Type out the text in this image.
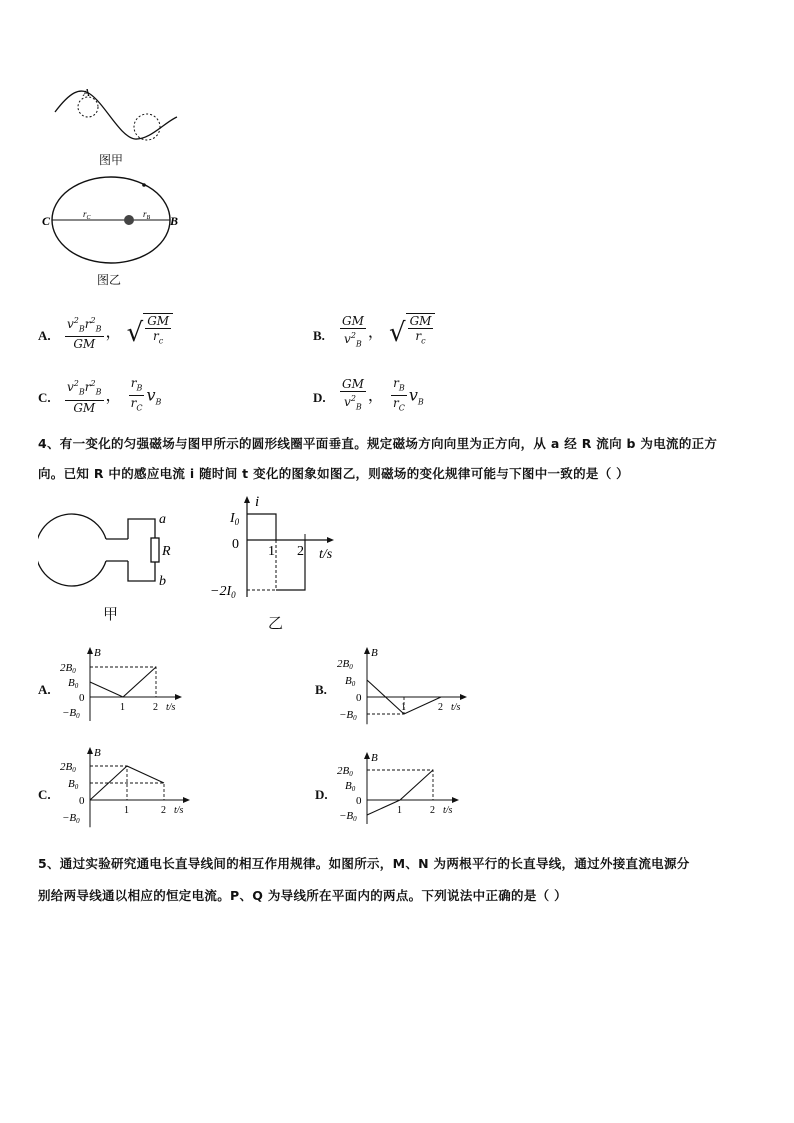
A
图甲
C	B
$r_C$	$r_B$
图乙
A. $\frac{v^2_Br^2_B}{GM}$ ， √ $\frac{GM}{r_c}$	B. $\frac{GM}{v^2_B}$ ， √ $\frac{GM}{r_c}$
C. $\frac{v^2_Br^2_B}{GM}$ ， $\frac{r_B}{r_C} v_B$	D. $\frac{GM}{v^2_B}$ ， $\frac{r_B}{r_C} v_B$
4、有一变化的匀强磁场与图甲所示的圆形线圈平面垂直。规定磁场方向向里为正方向，从 a 经 R 流向 b 为电流的正方
向。已知 R 中的感应电流 i 随时间 t 变化的图象如图乙，则磁场的变化规律可能与下图中一致的是（ ）
a
R
b
甲
i
$I_0$
0 1 2 t/s
$-2I_0$
乙
A.	B.
C.	D.
B
2B0
B0
0
−B0
1	2 t/s
B
2B0
B0
0
−B0
1	2 t/s
B
2B0
B0
0
−B0
1	2 t/s
B
2B0
B0
0
−B0
1	2 t/s
5、通过实验研究通电长直导线间的相互作用规律。如图所示，M、N 为两根平行的长直导线，通过外接直流电源分
别给两导线通以相应的恒定电流。P、Q 为导线所在平面内的两点。下列说法中正确的是（ ）
